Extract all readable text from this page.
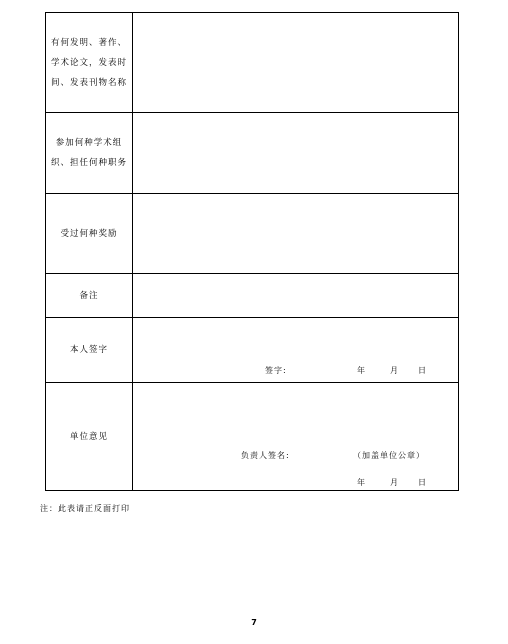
有何发明、著作、
学术论文，发表时
间、发表刊物名称	

参加何种学术组
织、担任何种职务	

受过何种奖励	

备注	

本人签字	签字: 年 月 日

单位意见	负责人签名: （加盖单位公章）
年 月 日
注：此表请正反面打印
7
